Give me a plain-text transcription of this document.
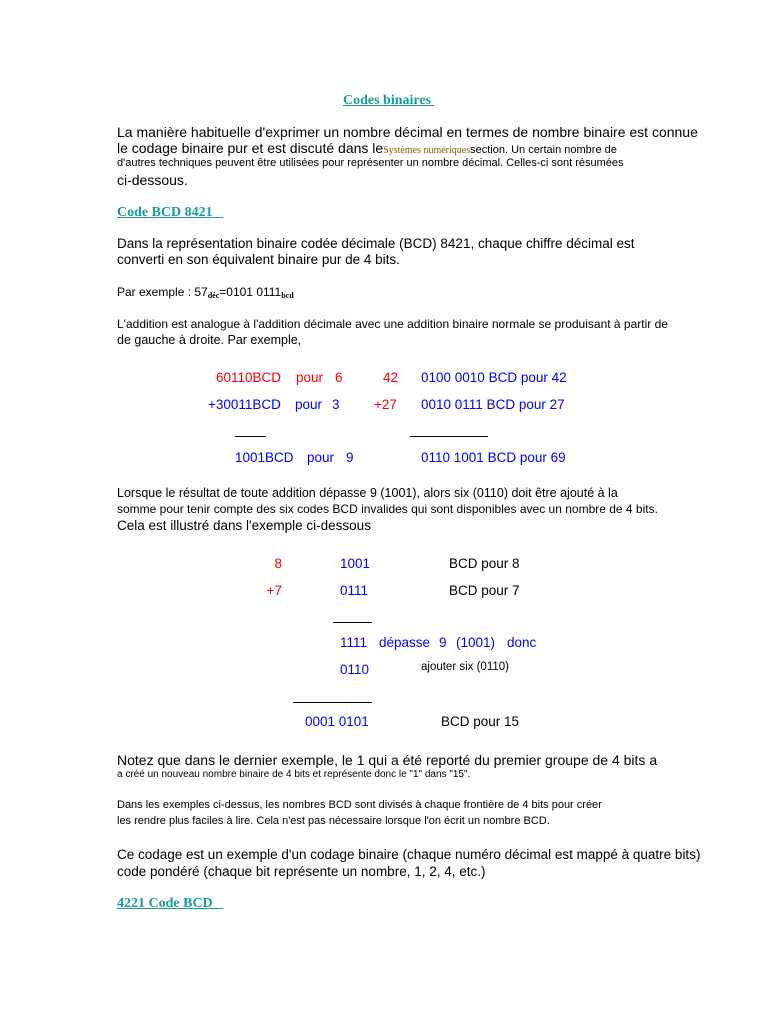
Codes binaires
La manière habituelle d'exprimer un nombre décimal en termes de nombre binaire est connue
le codage binaire pur et est discuté dans leSystèmes numériquessection. Un certain nombre de
d'autres techniques peuvent être utilisées pour représenter un nombre décimal. Celles-ci sont résumées
ci-dessous.
Code BCD 8421
Dans la représentation binaire codée décimale (BCD) 8421, chaque chiffre décimal est
converti en son équivalent binaire pur de 4 bits.
Par exemple : $57_{déc}=0101$ $0111_{bcd}$
L'addition est analogue à l'addition décimale avec une addition binaire normale se produisant à partir de
de gauche à droite. Par exemple,
60110BCD pour 6	42 0100 0010 BCD pour 42
+30011BCD pour 3	+27 0010 0111 BCD pour 27
1001BCD pour 9	0110 1001 BCD pour 69
Lorsque le résultat de toute addition dépasse 9 (1001), alors six (0110) doit être ajouté à la
somme pour tenir compte des six codes BCD invalides qui sont disponibles avec un nombre de 4 bits.
Cela est illustré dans l'exemple ci-dessous
8	1001	BCD pour 8
+7	0111	BCD pour 7
1111 dépasse 9 (1001) donc
0110	ajouter six (0110)
0001 0101	BCD pour 15
Notez que dans le dernier exemple, le 1 qui a été reporté du premier groupe de 4 bits a
a créé un nouveau nombre binaire de 4 bits et représente donc le "1" dans "15".
Dans les exemples ci-dessus, les nombres BCD sont divisés à chaque frontière de 4 bits pour créer
les rendre plus faciles à lire. Cela n'est pas nécessaire lorsque l'on écrit un nombre BCD.
Ce codage est un exemple d'un codage binaire (chaque numéro décimal est mappé à quatre bits)
code pondéré (chaque bit représente un nombre, 1, 2, 4, etc.)
4221 Code BCD
